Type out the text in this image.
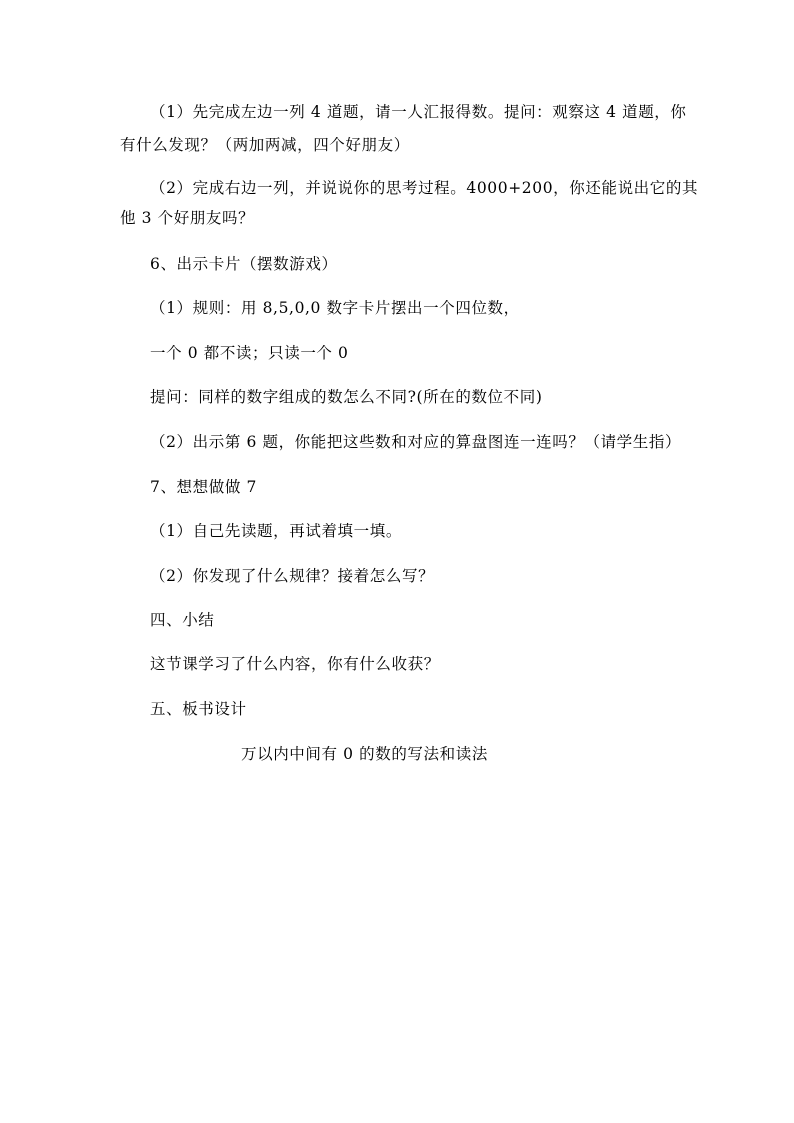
（1）先完成左边一列 4 道题，请一人汇报得数。提问：观察这 4 道题，你
有什么发现？（两加两减，四个好朋友）
（2）完成右边一列，并说说你的思考过程。4000+200，你还能说出它的其
他 3 个好朋友吗？
6、出示卡片（摆数游戏）
（1）规则：用 8,5,0,0 数字卡片摆出一个四位数，
一个 0 都不读；只读一个 0
提问：同样的数字组成的数怎么不同?(所在的数位不同)
（2）出示第 6 题，你能把这些数和对应的算盘图连一连吗？（请学生指）
7、想想做做 7
（1）自己先读题，再试着填一填。
（2）你发现了什么规律？接着怎么写？
四、小结
这节课学习了什么内容，你有什么收获？
五、板书设计
万以内中间有 0 的数的写法和读法
